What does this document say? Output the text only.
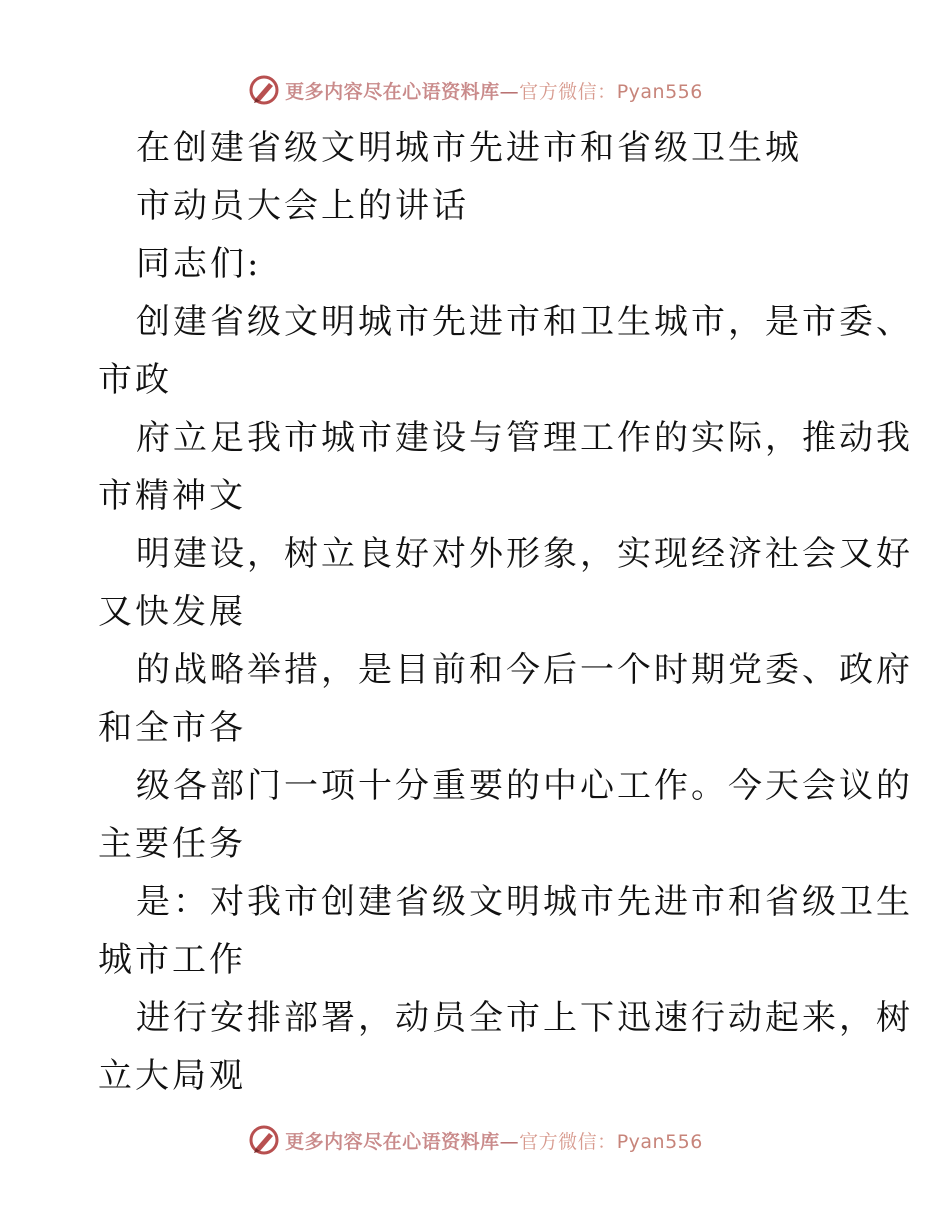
更多内容尽在心语资料库—官方微信：Pyan556
在创建省级文明城市先进市和省级卫生城
市动员大会上的讲话
同志们:
创建省级文明城市先进市和卫生城市，是市委、
市政
府立足我市城市建设与管理工作的实际，推动我
市精神文
明建设，树立良好对外形象，实现经济社会又好
又快发展
的战略举措，是目前和今后一个时期党委、政府
和全市各
级各部门一项十分重要的中心工作。今天会议的
主要任务
是：对我市创建省级文明城市先进市和省级卫生
城市工作
进行安排部署，动员全市上下迅速行动起来，树
立大局观
更多内容尽在心语资料库—官方微信：Pyan556
